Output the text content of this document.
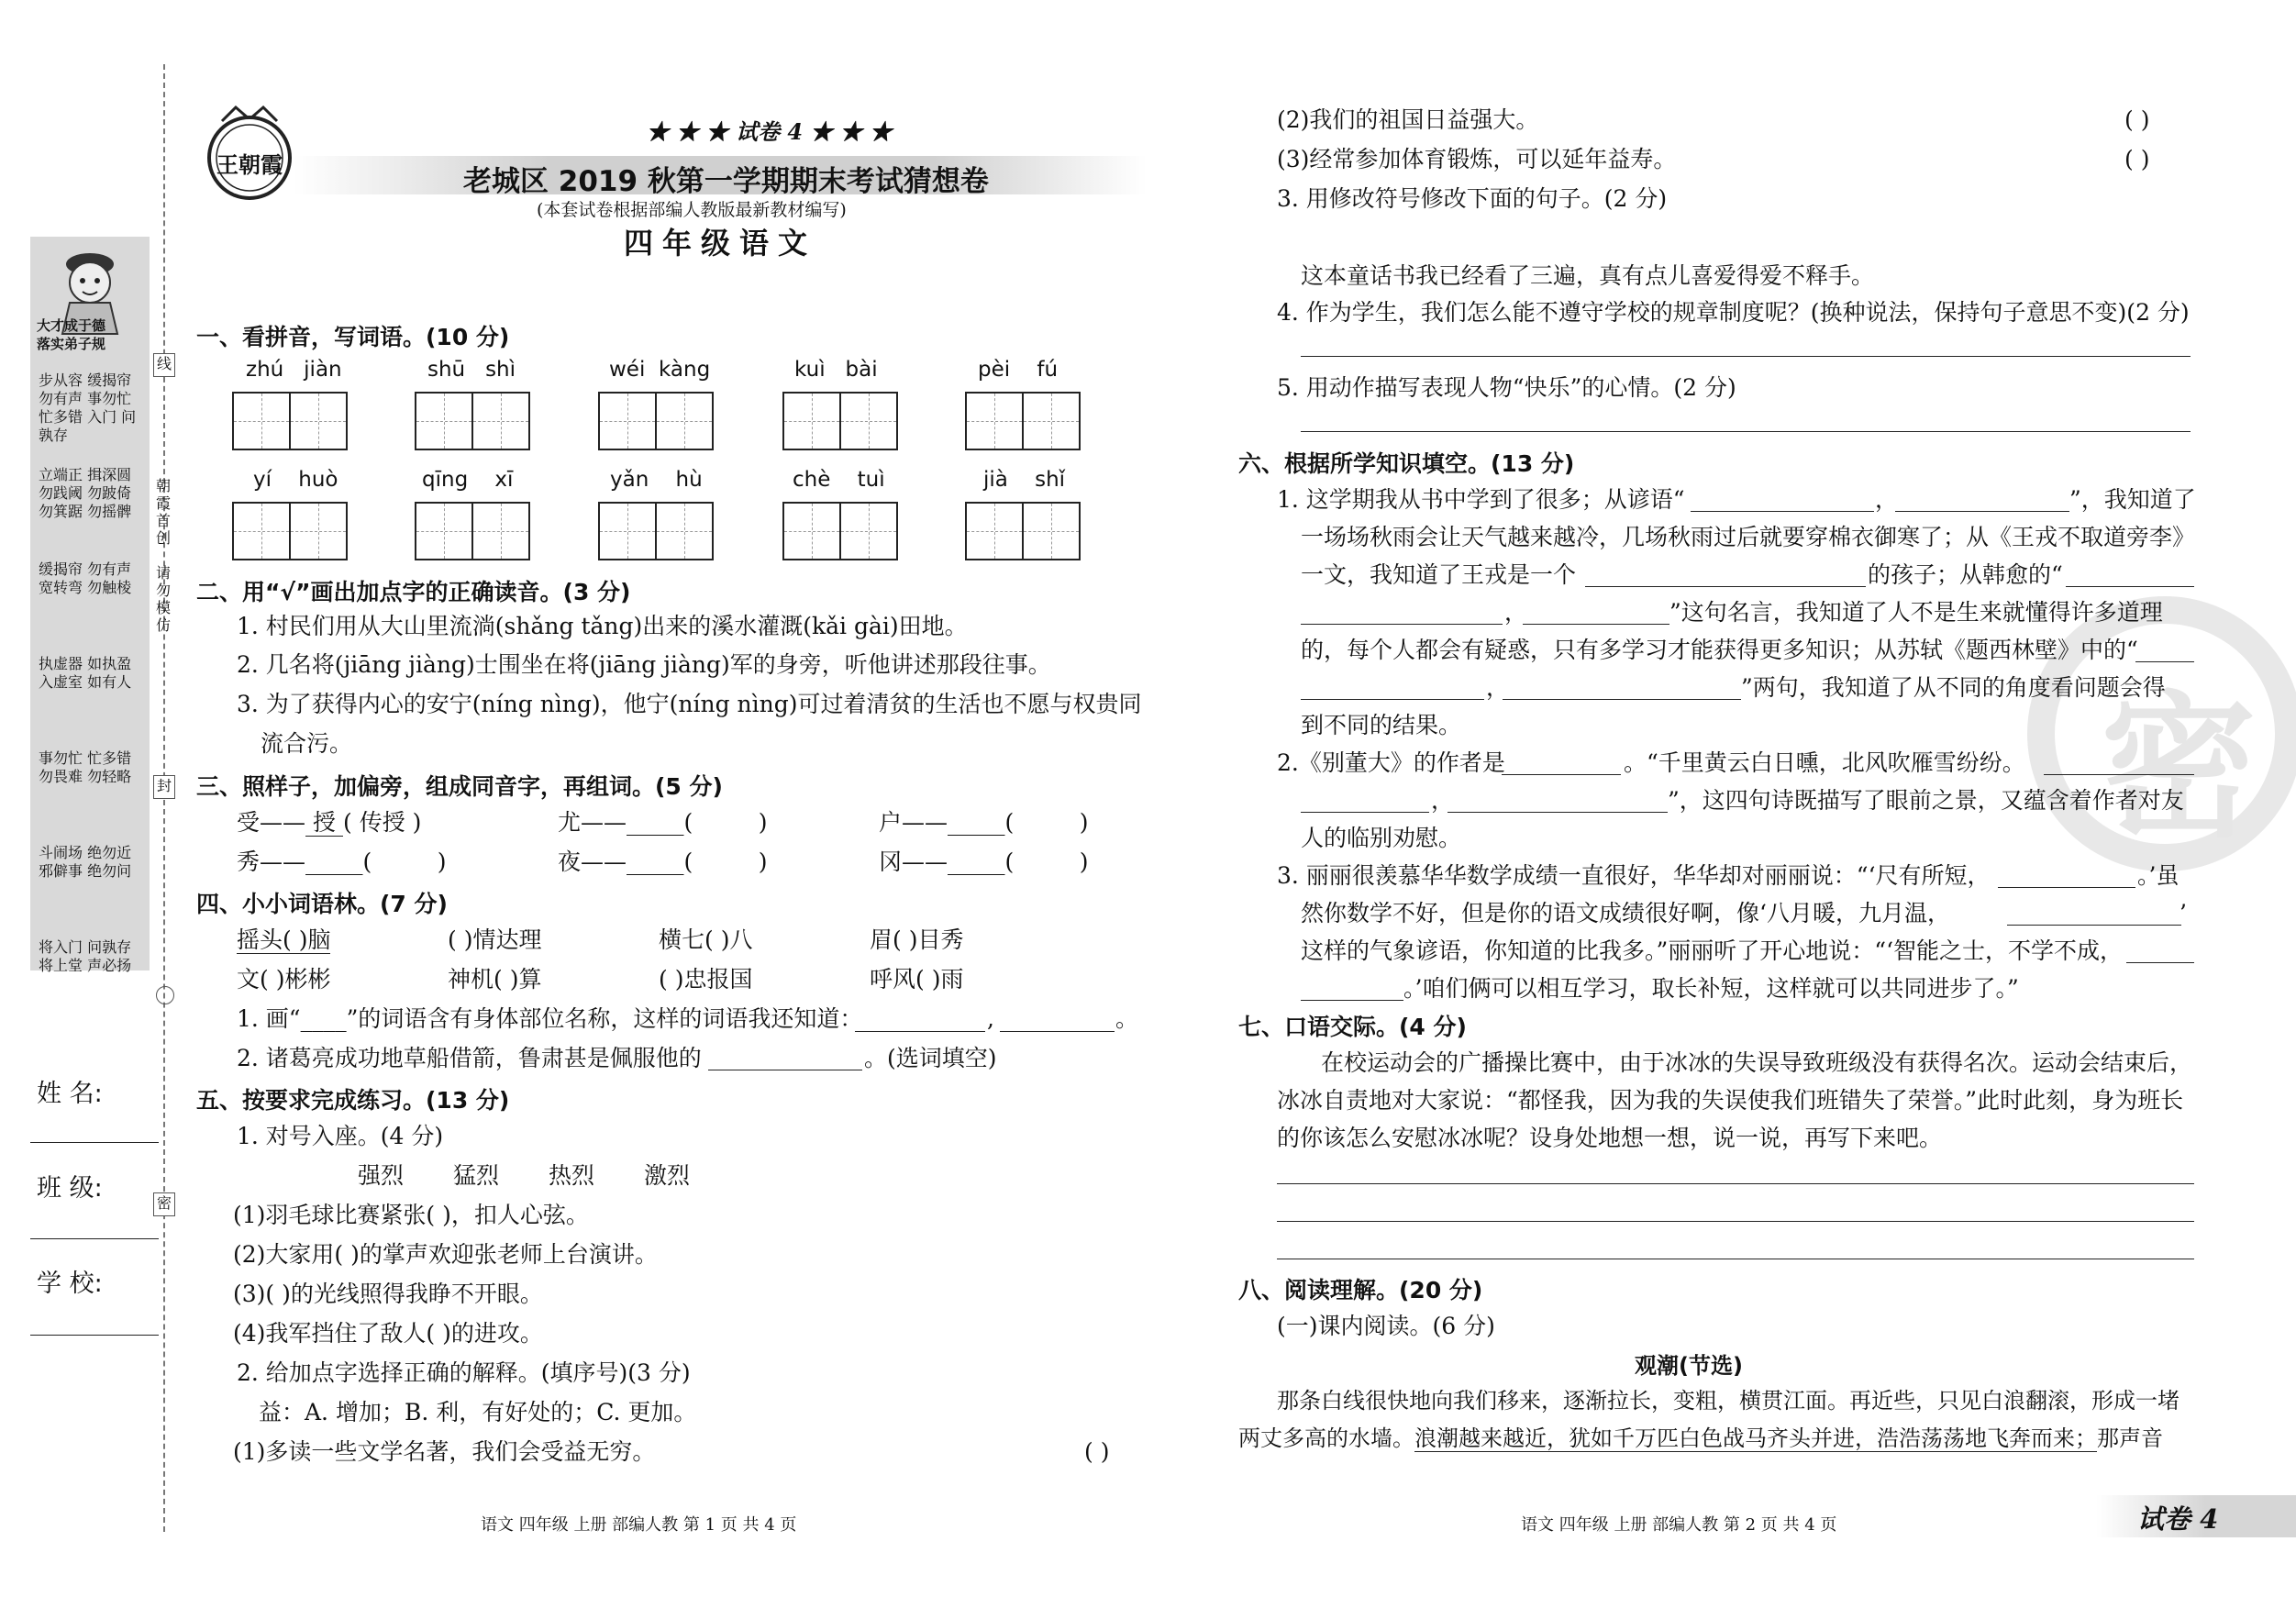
大才成于德
落实弟子规
步从容 缓揭帘 勿有声 事勿忙 忙多错 入门 问孰存
立端正 揖深圆 勿践阈 勿跛倚 勿箕踞 勿摇髀
缓揭帘 勿有声 宽转弯 勿触棱
执虚器 如执盈 入虚室 如有人
事勿忙 忙多错 勿畏难 勿轻略
斗闹场 绝勿近 邪僻事 绝勿问
将入门 问孰存 将上堂 声必扬
线
朝
霞
首
创

请
勿
模
仿
封
密
姓 名:
班 级:
学 校:
王朝霞
★ ★ ★ 试卷 4 ★ ★ ★
老城区 2019 秋第一学期期末考试猜想卷
(本套试卷根据部编人教版最新教材编写)
四年级语文
一、看拼音，写词语。(10 分)
zhú jiàn	shū shì	wéi kàng	kuì bài	pèi fú
yí huò	qīng xī	yǎn hù	chè tuì	jià shǐ
二、用“√”画出加点字的正确读音。(3 分)
1. 村民们用从大山里流淌(shǎng tǎng)出来的溪水灌溉(kǎi gài)田地。
2. 几名将(jiāng jiàng)士围坐在将(jiāng jiàng)军的身旁，听他讲述那段往事。
3. 为了获得内心的安宁(níng nìng)，他宁(níng nìng)可过着清贫的生活也不愿与权贵同
流合污。
三、照样子，加偏旁，组成同音字，再组词。(5 分)
受—— 授 ( 传授 )	尤——_____(	)	户——_____(	)
秀——_____(	)	夜——_____(	)	冈——_____(	)
四、小小词语林。(7 分)
摇头( )脑	( )情达理	横七( )八	眉( )目秀
文( )彬彬	神机( )算	( )忠报国	呼风( )雨
1. 画“____”的词语含有身体部位名称，这样的词语我还知道：	,	。
2. 诸葛亮成功地草船借箭，鲁肃甚是佩服他的	。(选词填空)
五、按要求完成练习。(13 分)
1. 对号入座。(4 分)
强烈 猛烈 热烈 激烈
(1)羽毛球比赛紧张( )，扣人心弦。
(2)大家用( )的掌声欢迎张老师上台演讲。
(3)( )的光线照得我睁不开眼。
(4)我军挡住了敌人( )的进攻。
2. 给加点字选择正确的解释。(填序号)(3 分)
益：A. 增加；B. 利，有好处的；C. 更加。
(1)多读一些文学名著，我们会受益无穷。	( )
语文 四年级 上册 部编人教 第 1 页 共 4 页
密
(2)我们的祖国日益强大。	( )
(3)经常参加体育锻炼，可以延年益寿。	( )
3. 用修改符号修改下面的句子。(2 分)
这本童话书我已经看了三遍，真有点儿喜爱得爱不释手。
4. 作为学生，我们怎么能不遵守学校的规章制度呢？(换种说法，保持句子意思不变)(2 分)
5. 用动作描写表现人物“快乐”的心情。(2 分)
六、根据所学知识填空。(13 分)
1. 这学期我从书中学到了很多；从谚语“	，	”，我知道了
一场场秋雨会让天气越来越冷，几场秋雨过后就要穿棉衣御寒了；从《王戎不取道旁李》
一文，我知道了王戎是一个	的孩子；从韩愈的“
，	”这句名言，我知道了人不是生来就懂得许多道理
的，每个人都会有疑惑，只有多学习才能获得更多知识；从苏轼《题西林壁》中的“
，	”两句，我知道了从不同的角度看问题会得
到不同的结果。
2.《别董大》的作者是	。“千里黄云白日曛，北风吹雁雪纷纷。
，	”，这四句诗既描写了眼前之景，又蕴含着作者对友
人的临别劝慰。
3. 丽丽很羡慕华华数学成绩一直很好，华华却对丽丽说：“‘尺有所短，	。’虽
然你数学不好，但是你的语文成绩很好啊，像‘八月暖，九月温，	’
这样的气象谚语，你知道的比我多。”丽丽听了开心地说：“‘智能之士，不学不成，
。’咱们俩可以相互学习，取长补短，这样就可以共同进步了。”
七、口语交际。(4 分)
在校运动会的广播操比赛中，由于冰冰的失误导致班级没有获得名次。运动会结束后，
冰冰自责地对大家说：“都怪我，因为我的失误使我们班错失了荣誉。”此时此刻，身为班长
的你该怎么安慰冰冰呢？设身处地想一想，说一说，再写下来吧。
八、阅读理解。(20 分)
(一)课内阅读。(6 分)
观潮(节选)
那条白线很快地向我们移来，逐渐拉长，变粗，横贯江面。再近些，只见白浪翻滚，形成一堵
两丈多高的水墙。浪潮越来越近，犹如千万匹白色战马齐头并进，浩浩荡荡地飞奔而来；那声音
语文 四年级 上册 部编人教 第 2 页 共 4 页	试卷 4
